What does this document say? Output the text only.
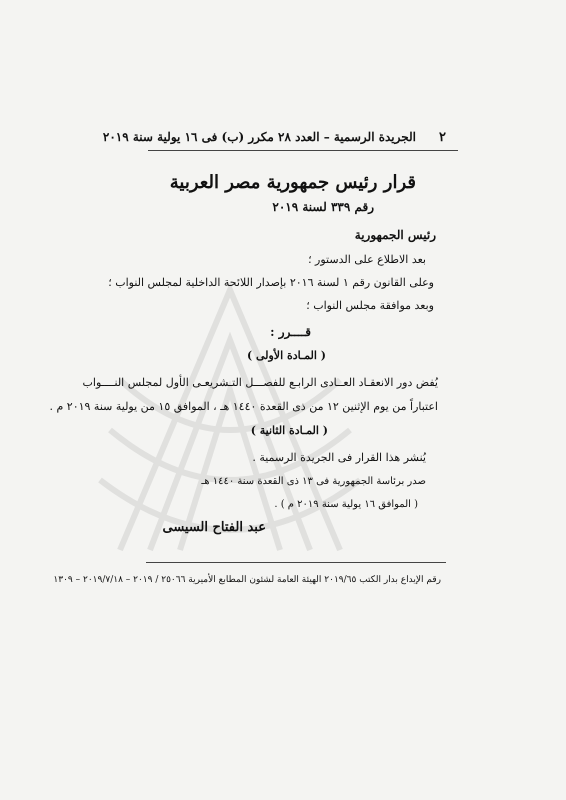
٢
الجريدة الرسمية – العدد ٢٨ مكرر (ب) فى ١٦ يولية سنة ٢٠١٩
قرار رئيس جمهورية مصر العربية
رقم ٣٣٩ لسنة ٢٠١٩
رئيس الجمهورية
بعد الاطلاع على الدستور ؛
وعلى القانون رقم ١ لسنة ٢٠١٦ بإصدار اللائحة الداخلية لمجلس النواب ؛
وبعد موافقة مجلس النواب ؛
قــــرر :
( المـادة الأولى )
يُفض دور الانعقـاد العــادى الرابـع للفصـــل التـشريعـى الأول لمجلس النــــواب
اعتباراً من يوم الإثنين ١٢ من ذى القعدة ١٤٤٠ هـ ، الموافق ١٥ من يولية سنة ٢٠١٩ م .
( المـادة الثانية )
يُنشر هذا القرار فى الجريدة الرسمية .
صدر برئاسة الجمهورية فى ١٣ ذى القعدة سنة ١٤٤٠ هـ
( الموافق ١٦ يولية سنة ٢٠١٩ م ) .
عبد الفتاح السيسى
رقم الإيداع بدار الكتب ٢٠١٩/٦٥ الهيئة العامة لشئون المطابع الأميرية ٢٥٠٦٦ / ٢٠١٩ – ٢٠١٩/٧/١٨ – ١٣٠٩
